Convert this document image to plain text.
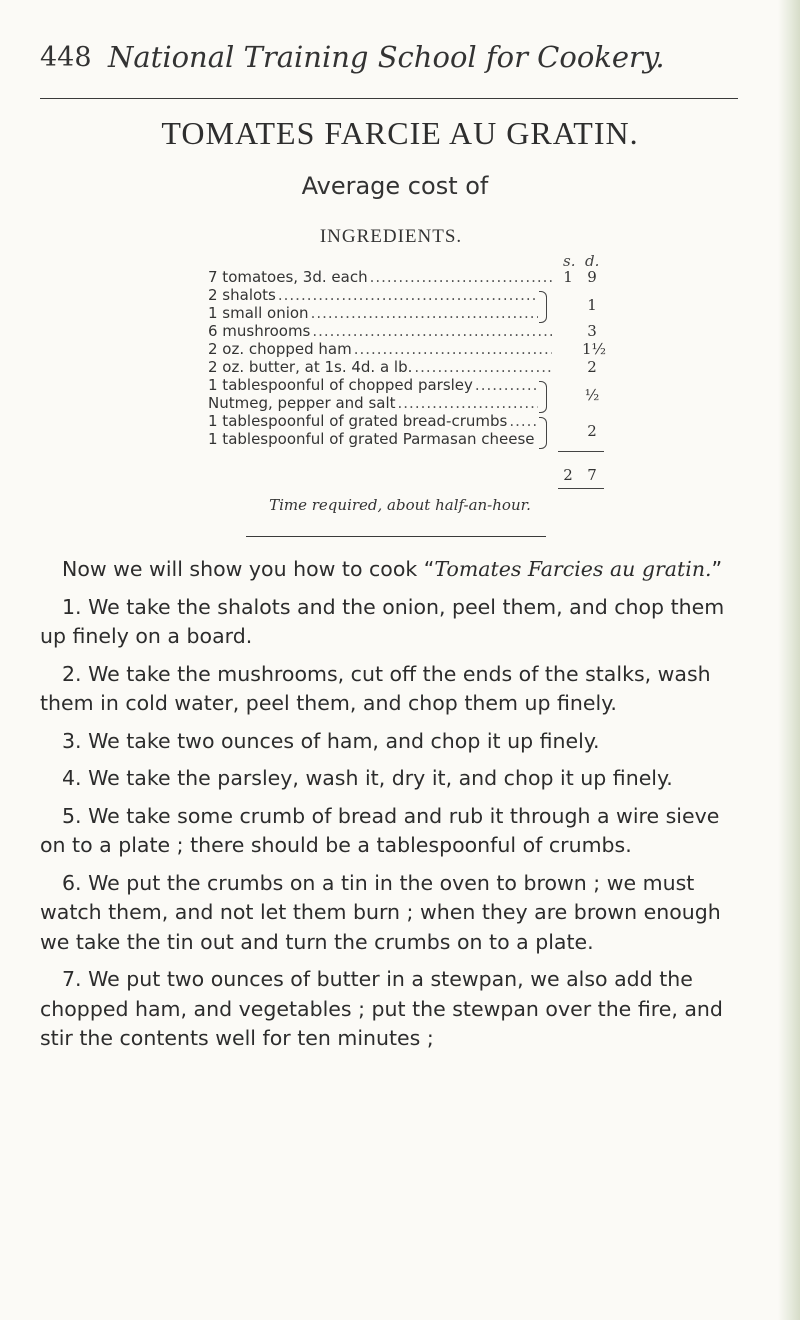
448 National Training School for Cookery.
TOMATES FARCIE AU GRATIN.
Average cost of
INGREDIENTS.
s. d.
7 tomatoes, 3d. each
.....
2 shalots
.....
1 small onion
.....
6 mushrooms
.....
2 oz. chopped ham
.....
2 oz. butter, at 1s. 4d. a lb.
.....
1 tablespoonful of chopped parsley
.....
Nutmeg, pepper and salt
.....
1 tablespoonful of grated bread-crumbs
.....
1 tablespoonful of grated Parmasan cheese
1 9
1
3
1½
2
½
2
2 7
Time required, about half-an-hour.

Now we will show you how to cook “Tomates Farcies au gratin.”

1. We take the shalots and the onion, peel them, and chop them up finely on a board.

2. We take the mushrooms, cut off the ends of the stalks, wash them in cold water, peel them, and chop them up finely.

3. We take two ounces of ham, and chop it up finely.

4. We take the parsley, wash it, dry it, and chop it up finely.

5. We take some crumb of bread and rub it through a wire sieve on to a plate ; there should be a tablespoonful of crumbs.

6. We put the crumbs on a tin in the oven to brown ; we must watch them, and not let them burn ; when they are brown enough we take the tin out and turn the crumbs on to a plate.

7. We put two ounces of butter in a stewpan, we also add the chopped ham, and vegetables ; put the stewpan over the fire, and stir the contents well for ten minutes ;
